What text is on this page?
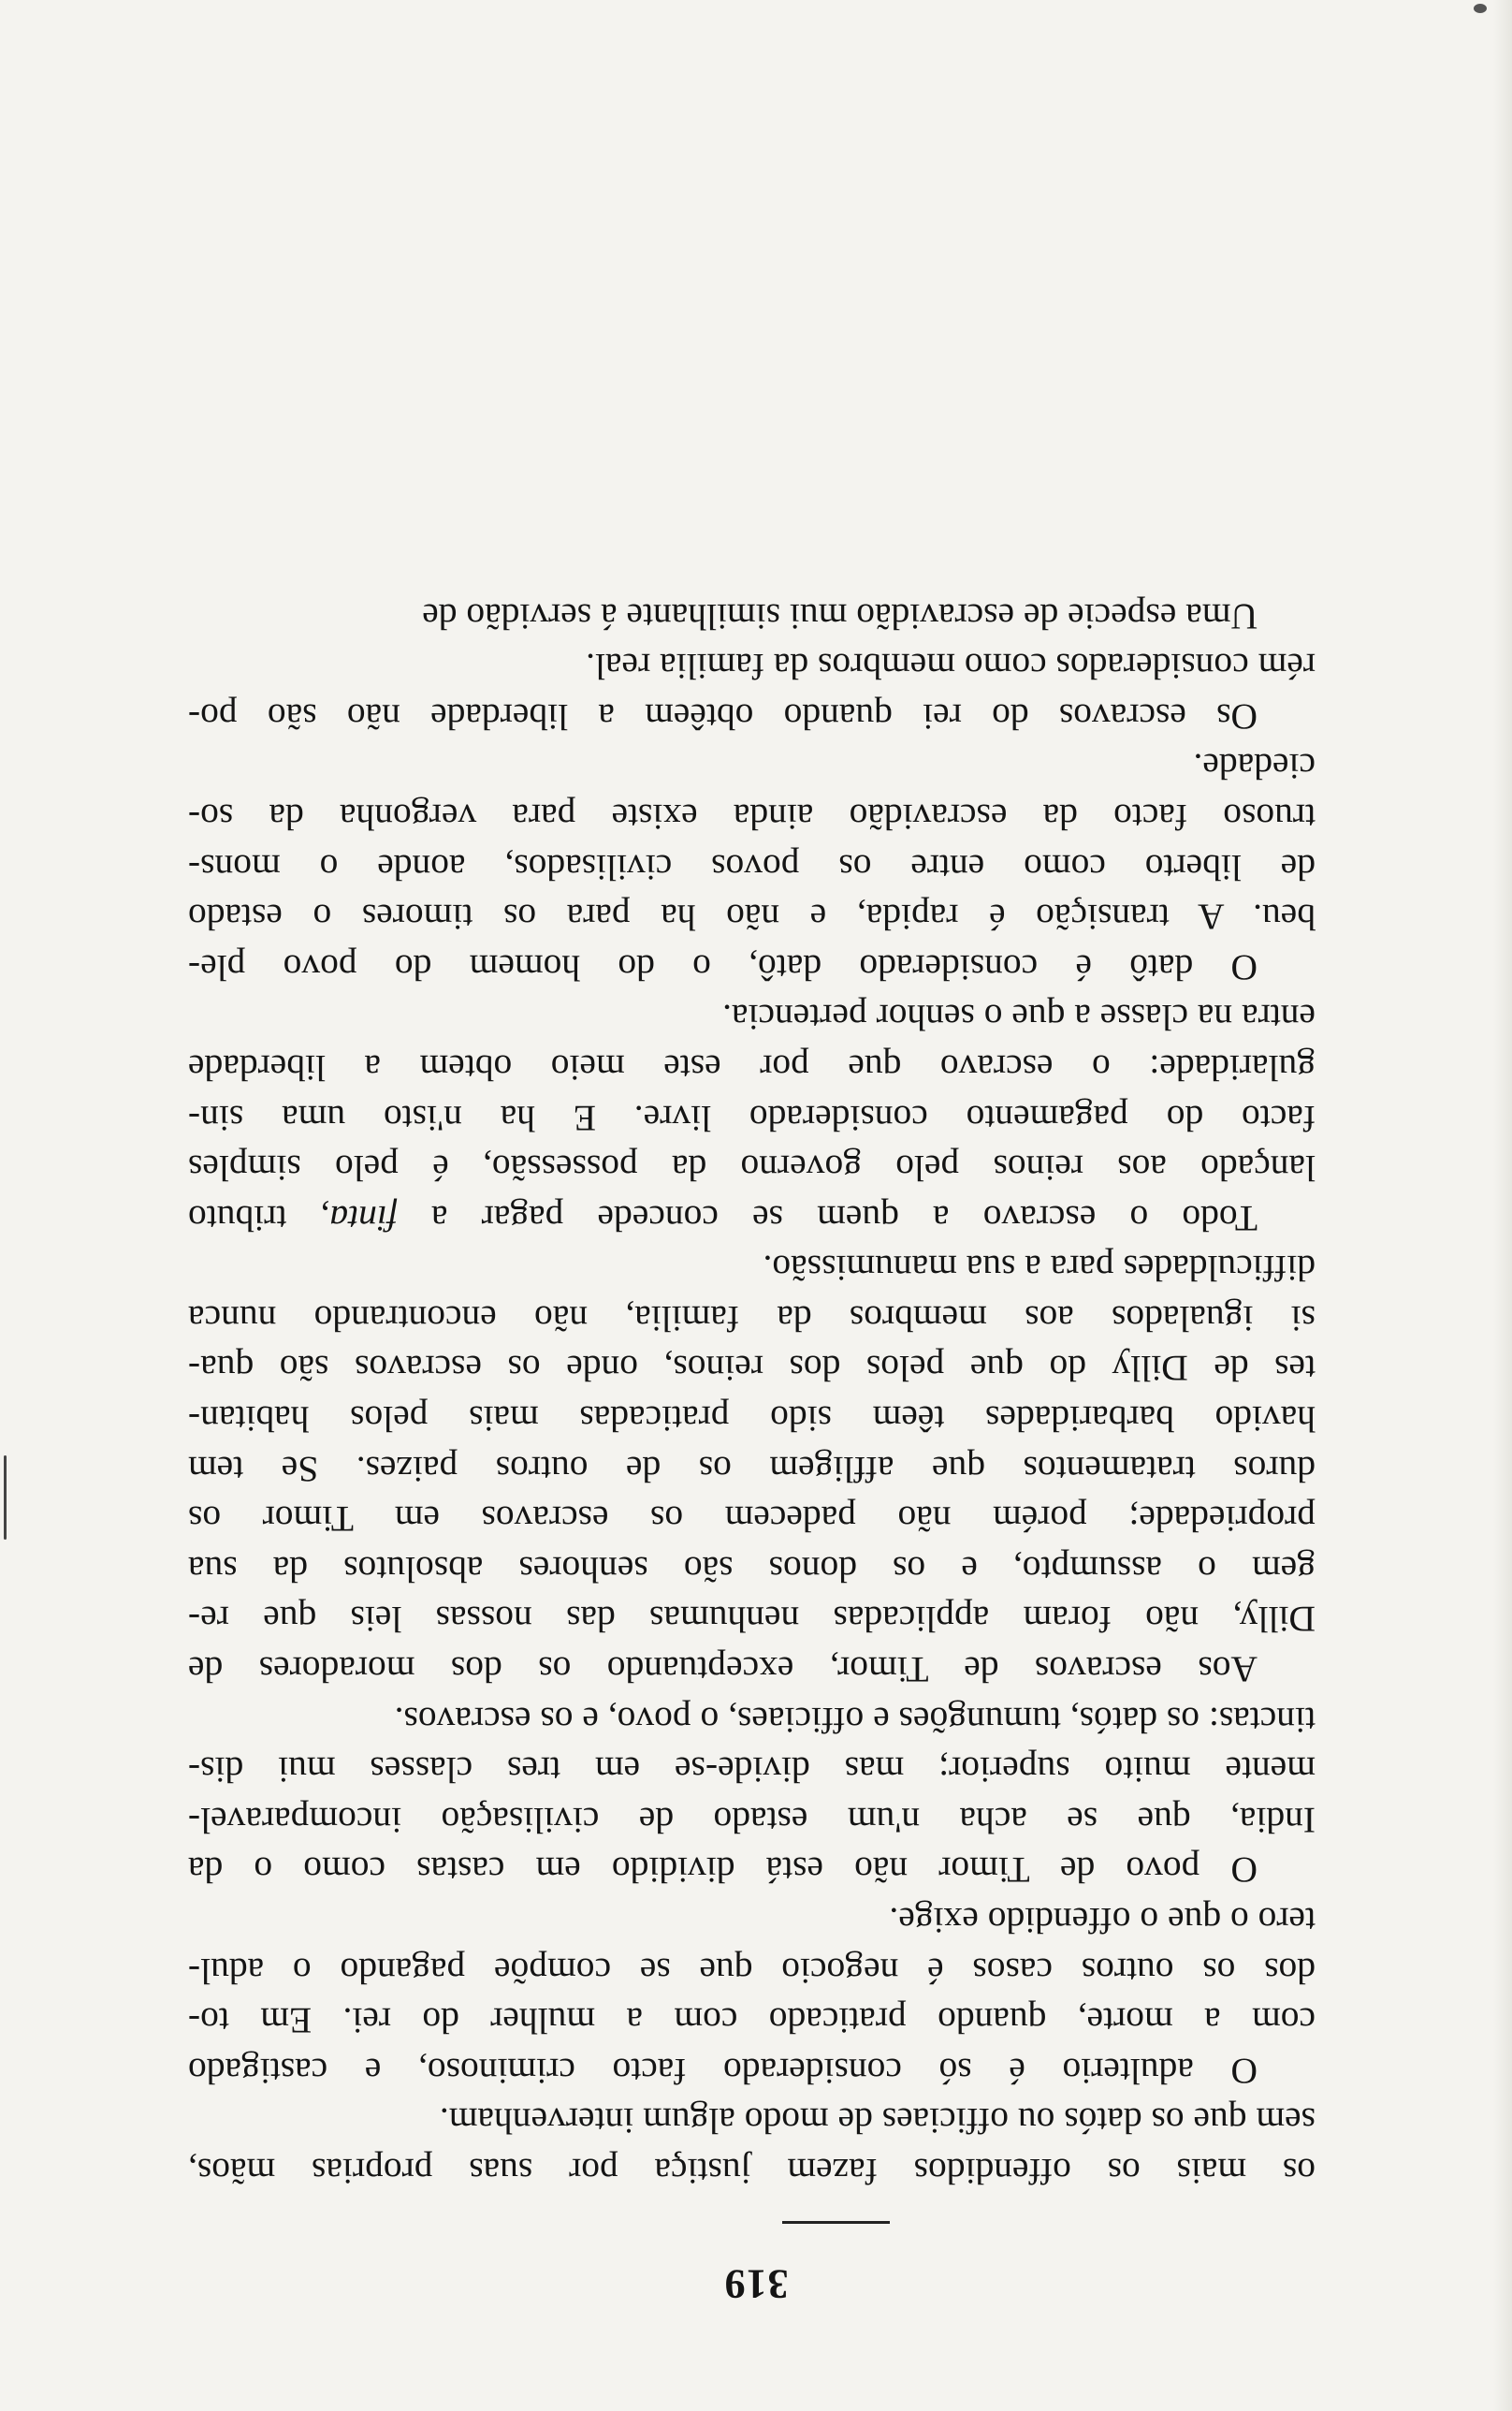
319

os mais os offendidos fazem justiça por suas proprias mãos,
sem que os datós ou officiaes de modo algum intervenham.

O adulterio é só considerado facto criminoso, e castigado
com a morte, quando praticado com a mulher do rei. Em to-
dos os outros casos é negocio que se compõe pagando o adul-
tero o que o offendido exige.

O povo de Timor não está dividido em castas como o da
India, que se acha n'um estado de civilisação incomparavel-
mente muito superior; mas divide-se em tres classes mui dis-
tinctas: os datós, tumungões e officiaes, o povo, e os escravos.

Aos escravos de Timor, exceptuando os dos moradores de
Dilly, não foram applicadas nenhumas das nossas leis que re-
gem o assumpto, e os donos são senhores absolutos da sua
propriedade; porém não padecem os escravos em Timor os
duros tratamentos que affligem os de outros paizes. Se tem
havido barbaridades têem sido praticadas mais pelos habitan-
tes de Dilly do que pelos dos reinos, onde os escravos são qua-
si igualados aos membros da familia, não encontrando nunca
difficuldades para a sua manumissão.

Todo o escravo a quem se concede pagar a finta, tributo
lançado aos reinos pelo governo da possessão, é pelo simples
facto do pagamento considerado livre. E ha n'isto uma sin-
gularidade: o escravo que por este meio obtem a liberdade
entra na classe a que o senhor pertencia.

O datô é considerado datô, o do homem do povo ple-
beu. A transição é rapida, e não ha para os timores o estado
de liberto como entre os povos civilisados, aonde o mons-
truoso facto da escravidão ainda existe para vergonha da so-
ciedade.

Os escravos do rei quando obtêem a liberdade não são po-
rém considerados como membros da familia real.

Uma especie de escravidão mui similhante á servidão de
